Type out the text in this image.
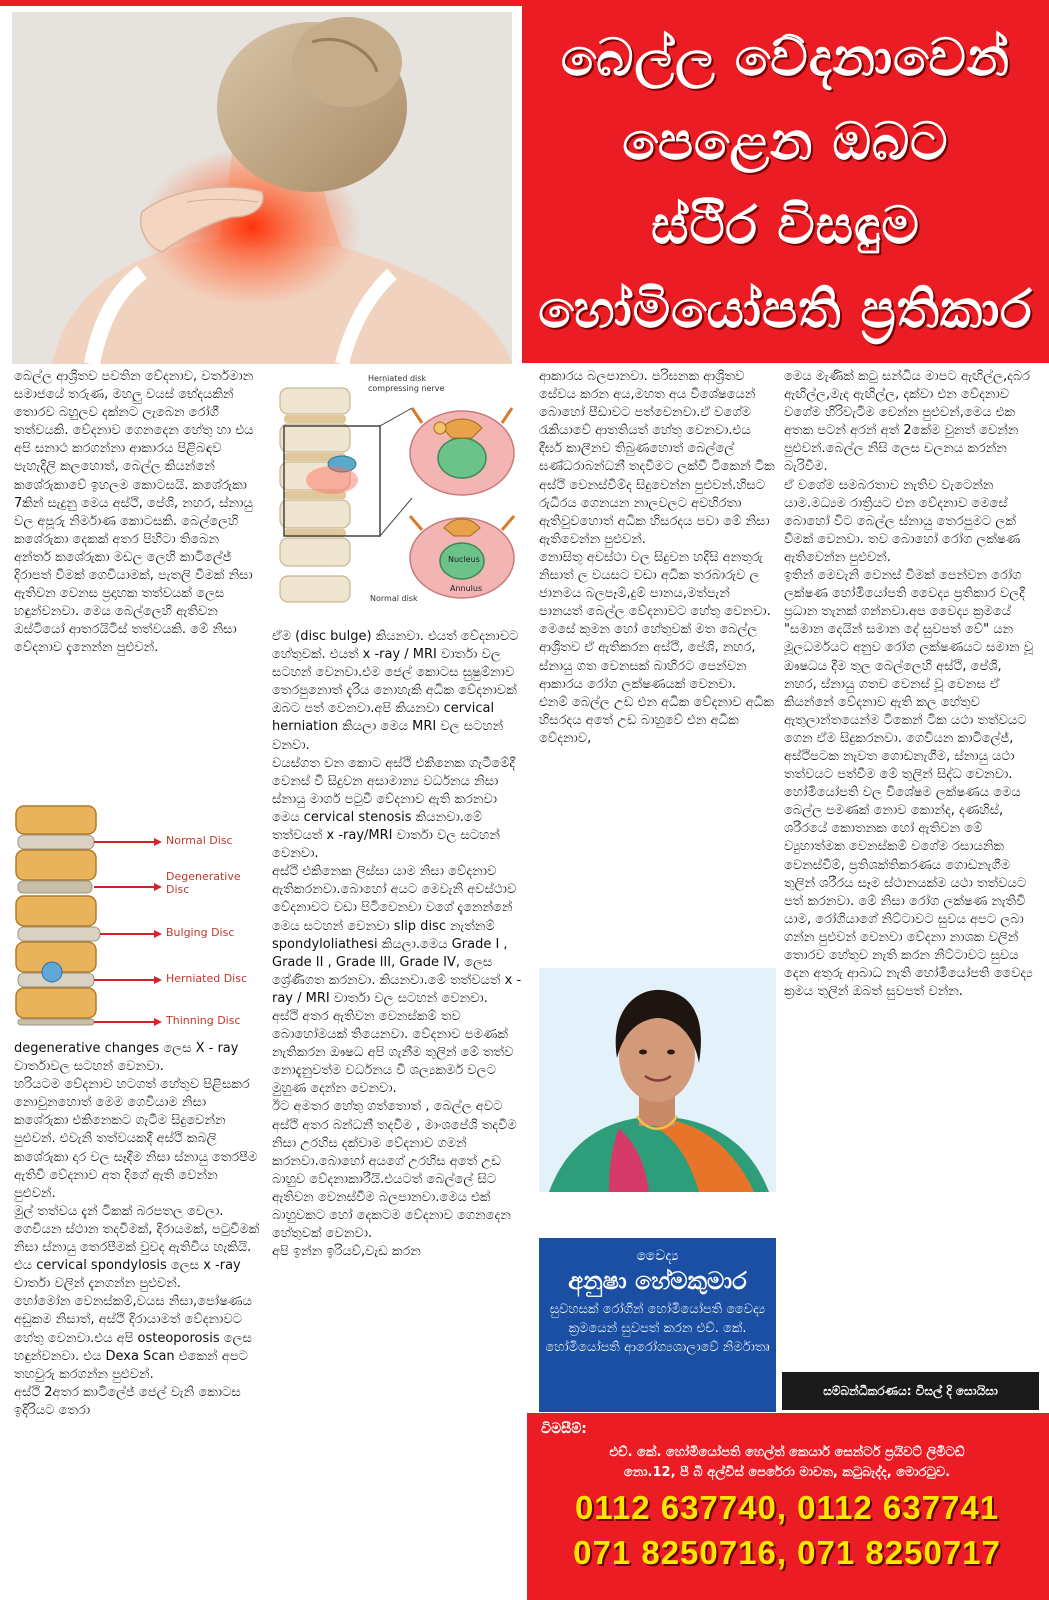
බෙල්ල වේදනාවෙන්
පෙළෙන ඔබට
ස්ථිර විසඳුම
හෝමියෝපති ප්‍රතිකාර
බෙල්ල ආශ්‍රිතව පවතින වේදනාව, වර්තමාන සමාජයේ තරුණ, මහලු වයස් භේදයකින් තොරව බහුලව දක්නට ලැබෙන රෝගී තත්වයකි. වේදනාව ගෙනදෙන හේතු හා එය අපි සනාථ කරගන්නා ආකාරය පිළිබඳව පැහැදිලි කලහොත්, බෙල්ල කියන්නේ කශේරුකාවේ ඉහලම කොටසයි. කශේරුකා 7කින් සැදුනු මෙය අස්ථි, පේශි, නහර, ස්නායු වල අපූරු නිර්මාණ කොටසකි. බෙල්ලෙහි කශේරුකා දෙකක් අතර පිහිටා තිබෙන අන්තර් කශේරුකා මඩල ලෙහි කාටිලේජ් දිරාපත් වීමක් ගෙවියාමක්, පැතලි වීමක් නිසා ඇතිවන වෙනස ප්‍රදාහක තත්වයක් ලෙස හඳුන්වනවා. මෙය බෙල්ලෙහි ඇතිවන ඔස්ටියෝ ආතරයිටිස් තත්වයකි. මේ නිසා වේදනාව දැනෙන්න පුළුවන්.
Normal Disc
Degenerative Disc
Bulging Disc
Herniated Disc
Thinning Disc
degenerative changes ලෙස X - ray වාර්තාවල සටහන් වෙනවා.
හරියටම වේදනාව හටගත් හේතුව පිළිසකර නොවුනහොත් මෙම ගෙවියාම නිසා කශේරුකා එකිනෙකට ගැටීම සිදුවෙන්න පුළුවන්. එවැනි තත්වයකදී අස්ථි කබලි කශේරුකා දාර වල සෑදීම නිසා ස්නායු තෙරපීම ඇතිවී වේදනාව අත දිගේ ඇති වෙන්න පුළුවන්.
මුල් තත්වය දැන් ටිකක් බරපතල වෙලා. ගෙවියන ස්ථාන තදවීමක්, දිරායමක්, පටුවීමක් නිසා ස්නායු තෙරපීමක් වුවද ඇතිවිය හැකියි. එය cervical spondylosis ලෙස x -ray වාර්තා වලින් දැනගන්න පුළුවන්.
හෝමෝන වෙනස්කම්,වයස නිසා,පෝෂණය අඩුකම නිසාත්, අස්ථි දිරායාමත් වේදනාවට හේතු වෙනවා.එය අපි osteoporosis ලෙස හඳුන්වනවා. එය Dexa Scan එකෙන් අපට තහවුරු කරගන්න පුළුවන්.
අස්ථි 2අතර කාටිලේජ් ජෙල් වැනි කොටස ඉදිරියට තෙරා
Herniated disk compressing nerve
Normal disk
Nucleus
Annulus
ඒම (disc bulge) කියනවා. එයත් වේදනාවට හේතුවක්. එයත් x -ray / MRI වාර්තා වල සටහන් වෙනවා.එම ජෙල් කොටස සුෂුම්නාව තෙරපුනොත් දැරිය නොහැකි අධික වේදනාවක් ඔබට පත් වෙනවා.අපි කියනවා cervical herniation කියලා මෙය MRI වල සටහන් වනවා.
වයස්ගත වන කොට අස්ථි එකිනෙක ගැටීමේදී වෙනස් වී සිදුවන අසාමාන්‍ය වර්ධනය නිසා ස්නායු මාර්ග පටුවී වේදනාව ඇති කරනවා මෙය cervical stenosis කියනවා.මේ තත්වයත් x -ray/MRI වාර්තා වල සටහන් වෙනවා.
අස්ථි එකිනෙක ලිස්සා යාම නිසා වේදනාව ඇතිකරනවා.බොහෝ අයට මෙවැනි අවස්ථාව වේදනාවට වඩා පිටිවෙනවා වගේ දැනෙන්නේ මෙය සටහන් වෙනවා slip disc නැත්නම් spondyloliathesi කියලා.මෙය Grade I , Grade II , Grade III, Grade IV, ලෙස ශ්‍රේණිගත කරනවා. කියනවා.මේ තත්වයත් x -ray / MRI වාර්තා වල සටහන් වෙනවා.
අස්ථි අතර ඇතිවන වෙනස්කම් තව බොහෝමයක් තියෙනවා. වේදනාව පමණක් නැතිකරන ඖෂධ අපි ගැනීම තුලින් මේ තත්ව නොදැනුවත්ම වර්ධනය වී ශල්‍යකර්ම වලට මුහුණ දෙන්න වෙනවා.
ඊට අමතර හේතු ගත්තොත් , බෙල්ල අවට අස්ථි අතර බන්ධනී තදවීම , මාංශපේශි තදවීම නිසා උරහිස දක්වාම වේදනාව ගමන් කරනවා.බොහෝ අයගේ උරහිස අතේ උඩ බාහුව වේදනාකාරීයි.එයටත් බෙල්ලේ සිට ඇතිවන වෙනස්වීම බලපානවා.මෙය එක් බාහුවකට හෝ දෙකටම වේදනාව ගෙනදෙන හේතුවක් වෙනවා.
අපි ඉන්න ඉරියව්,වැඩ කරන
ආකාරය බලපානවා. පරිඝනක ආශ්‍රිතව සේවය කරන අය,මහත අය විශේෂයෙන් බොහෝ පීඩාවට පත්වෙනවා.ඒ වගේම රැකියාවේ ආතතියත් හේතු වෙනවා.එය දීර්ඝ කාලීනව තිබුණහොත් බෙල්ලේ ඝණ්ධරාබන්ධනී තදවීමට ලක්වී ටිකෙන් ටික අස්ථි වෙනස්වීම්ද සිදුවෙන්න පුළුවන්.හිසට රුධිරය ගෙනයන නාලවලට අවහිරතා ඇතිවුවහොත් අධික හිසරදය පවා මේ නිසා ඇතිවෙන්න පුළුවන්.
නොසිතූ අවස්ථා වල සිදුවන හදිසි අනතුරු නිසාත් ල වයසට වඩා අධික තරබාරුව ල ජානමය බලපෑම්,දුම් පානය,මත්පැන් පානයත් බෙල්ල වේදනාවට හේතු වෙනවා.
මෙසේ කුමන හෝ හේතුවක් මත බෙල්ල ආශ්‍රිතව ඒ ඇතිකරන අස්ථි, පේශි, නහර, ස්නායු ගත වෙනසක් බාහිරට පෙන්වන ආකාරය රෝග ලක්ෂණයක් වෙනවා.
එනම් බෙල්ල උඩ එන අධික වේදනාව අධික හිසරදය අතේ උඩ බාහුවේ එන අධික වේදනාව,
වෛද්‍ය
අනුෂා හේමකුමාර
සුවහසක් රෝගීන් හෝමියෝපති වෛද්‍ය ක්‍රමයෙන් සුවපත් කරන එච්. කේ. හෝමියෝපති ආරෝග්‍යශාලාවේ නිර්මාතෘ
මෙය මැණික් කටු සන්ධිය මාපට ඇඟිල්ල,දබර ඇඟිල්ල,මැද ඇඟිල්ල, දක්වා එන වේදනාව වගේම හිරිවැටීම වෙන්න පුළුවන්,මෙය එක අතක පටන් අරන් අත් 2කේම වුනත් වෙන්න පුළුවන්.බෙල්ල නිසි ලෙස චලනය කරන්න බැරිවීම.
ඒ වගේම සමබරතාව නැතිව වැටෙන්න යාම.මධ්‍යම රාත්‍රියට එන වේදනාව මෙසේ බොහෝ විට බෙල්ල ස්නායු තෙරපුමට ලක් වීමක් වෙනවා. තව බොහෝ රෝග ලක්ෂණ ඇතිවෙන්න පුළුවන්.
ඉතින් මෙවැනි වෙනස් වීමක් පෙන්වන රෝග ලක්ෂණ හෝමියෝපති වෛද්‍ය ප්‍රතිකාර වලදී ප්‍රධාන තැනක් ගන්නවා.අප වෛද්‍ය ක්‍රමයේ "සමාන දෙයින් සමාන දේ සුවපත් වේ" යන මූලධර්මයට අනුව රෝග ලක්ෂණයට සමාන වූ ඖෂධය දීම තුල බෙල්ලෙහි අස්ථි, පේශි, නහර, ස්නායු ගතව වෙනස් වූ වෙනස ඒ කියන්නේ වේදනාව ඇති කල හේතුව ඇතුලාන්තයෙන්ම ටිකෙන් ටික යථා තත්වයට ගෙන ඒම සිදුකරනවා. ගෙවියන කාටිලේජ්, අස්ථිපටක නැවත ගොඩනැගීම, ස්නායු යථා තත්වයට පත්වීම මේ තුලින් සිද්ධ වෙනවා.
හෝමියෝපති වල විශේෂම ලක්ෂණය මෙය බෙල්ල පමණක් නොව කොන්ද, දණහිස්, ශරීරයේ කොතනක හෝ ඇතිවන මේ ව්‍යුහාත්මක වෙනස්කම් වගේම රසායනික වෙනස්වීම්, ප්‍රතිශක්තිකරණය ගොඩනැගීම තුලින් ශරීරය සෑම ස්ථානයක්ම යථා තත්වයට පත් කරනවා. මේ නිසා රෝග ලක්ෂණ නැතිවී යාම, රෝගියාගේ නිට්ටාවට සුවය අපට ලබා ගන්න පුළුවන් වෙනවා වේදනා නාශක වලින් තොරව හේතුව නැති කරන නිට්ටාවට සුවය දෙන අතුරු ආබාධ නැති හෝමියෝපති වෛද්‍ය ක්‍රමය තුලින් ඔබත් සුවපත් වන්න.
සම්බන්ධීකරණය: විසල් දි සොයිසා
විමසීම්:
එච්. කේ. හෝමියෝපති හෙල්ත් කෙයාර් සෙන්ටර් ප්‍රයිවට් ලිමිටඩ්
නො.12, පී බී අල්විස් පෙරේරා මාවත, කටුබැද්ද, මොරටුව.
0112 637740, 0112 637741
071 8250716, 071 8250717
